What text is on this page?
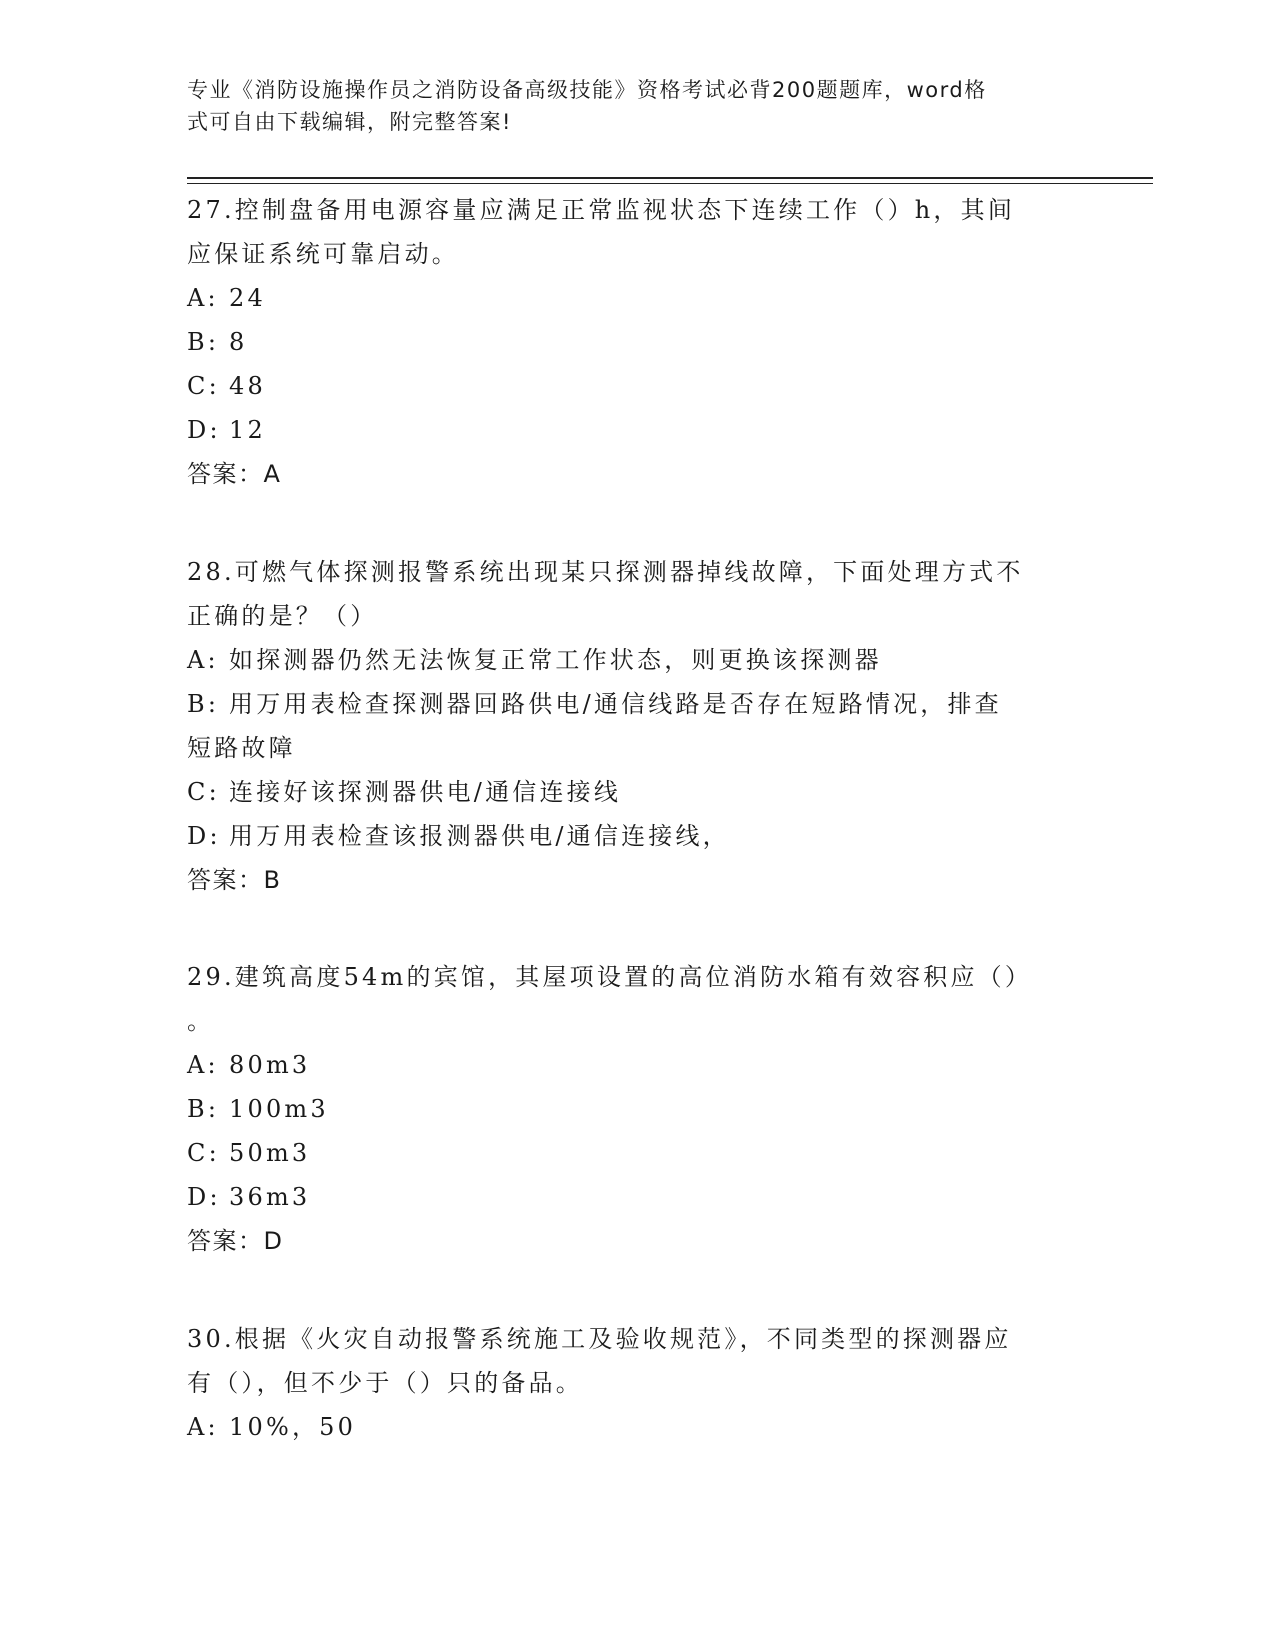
专业《消防设施操作员之消防设备高级技能》资格考试必背200题题库，word格
式可自由下载编辑，附完整答案!

27.控制盘备用电源容量应满足正常监视状态下连续工作（）h，其间
应保证系统可靠启动。

A: 24

B: 8

C: 48

D: 12

答案：A

28.可燃气体探测报警系统出现某只探测器掉线故障，下面处理方式不
正确的是？（）

A: 如探测器仍然无法恢复正常工作状态，则更换该探测器

B: 用万用表检查探测器回路供电/通信线路是否存在短路情况，排查
短路故障

C: 连接好该探测器供电/通信连接线

D: 用万用表检查该报测器供电/通信连接线，

答案：B

29.建筑高度54m的宾馆，其屋项设置的高位消防水箱有效容积应（）
。

A: 80m3

B: 100m3

C: 50m3

D: 36m3

答案：D

30.根据《火灾自动报警系统施工及验收规范》，不同类型的探测器应
有（），但不少于（）只的备品。

A: 10%，50
